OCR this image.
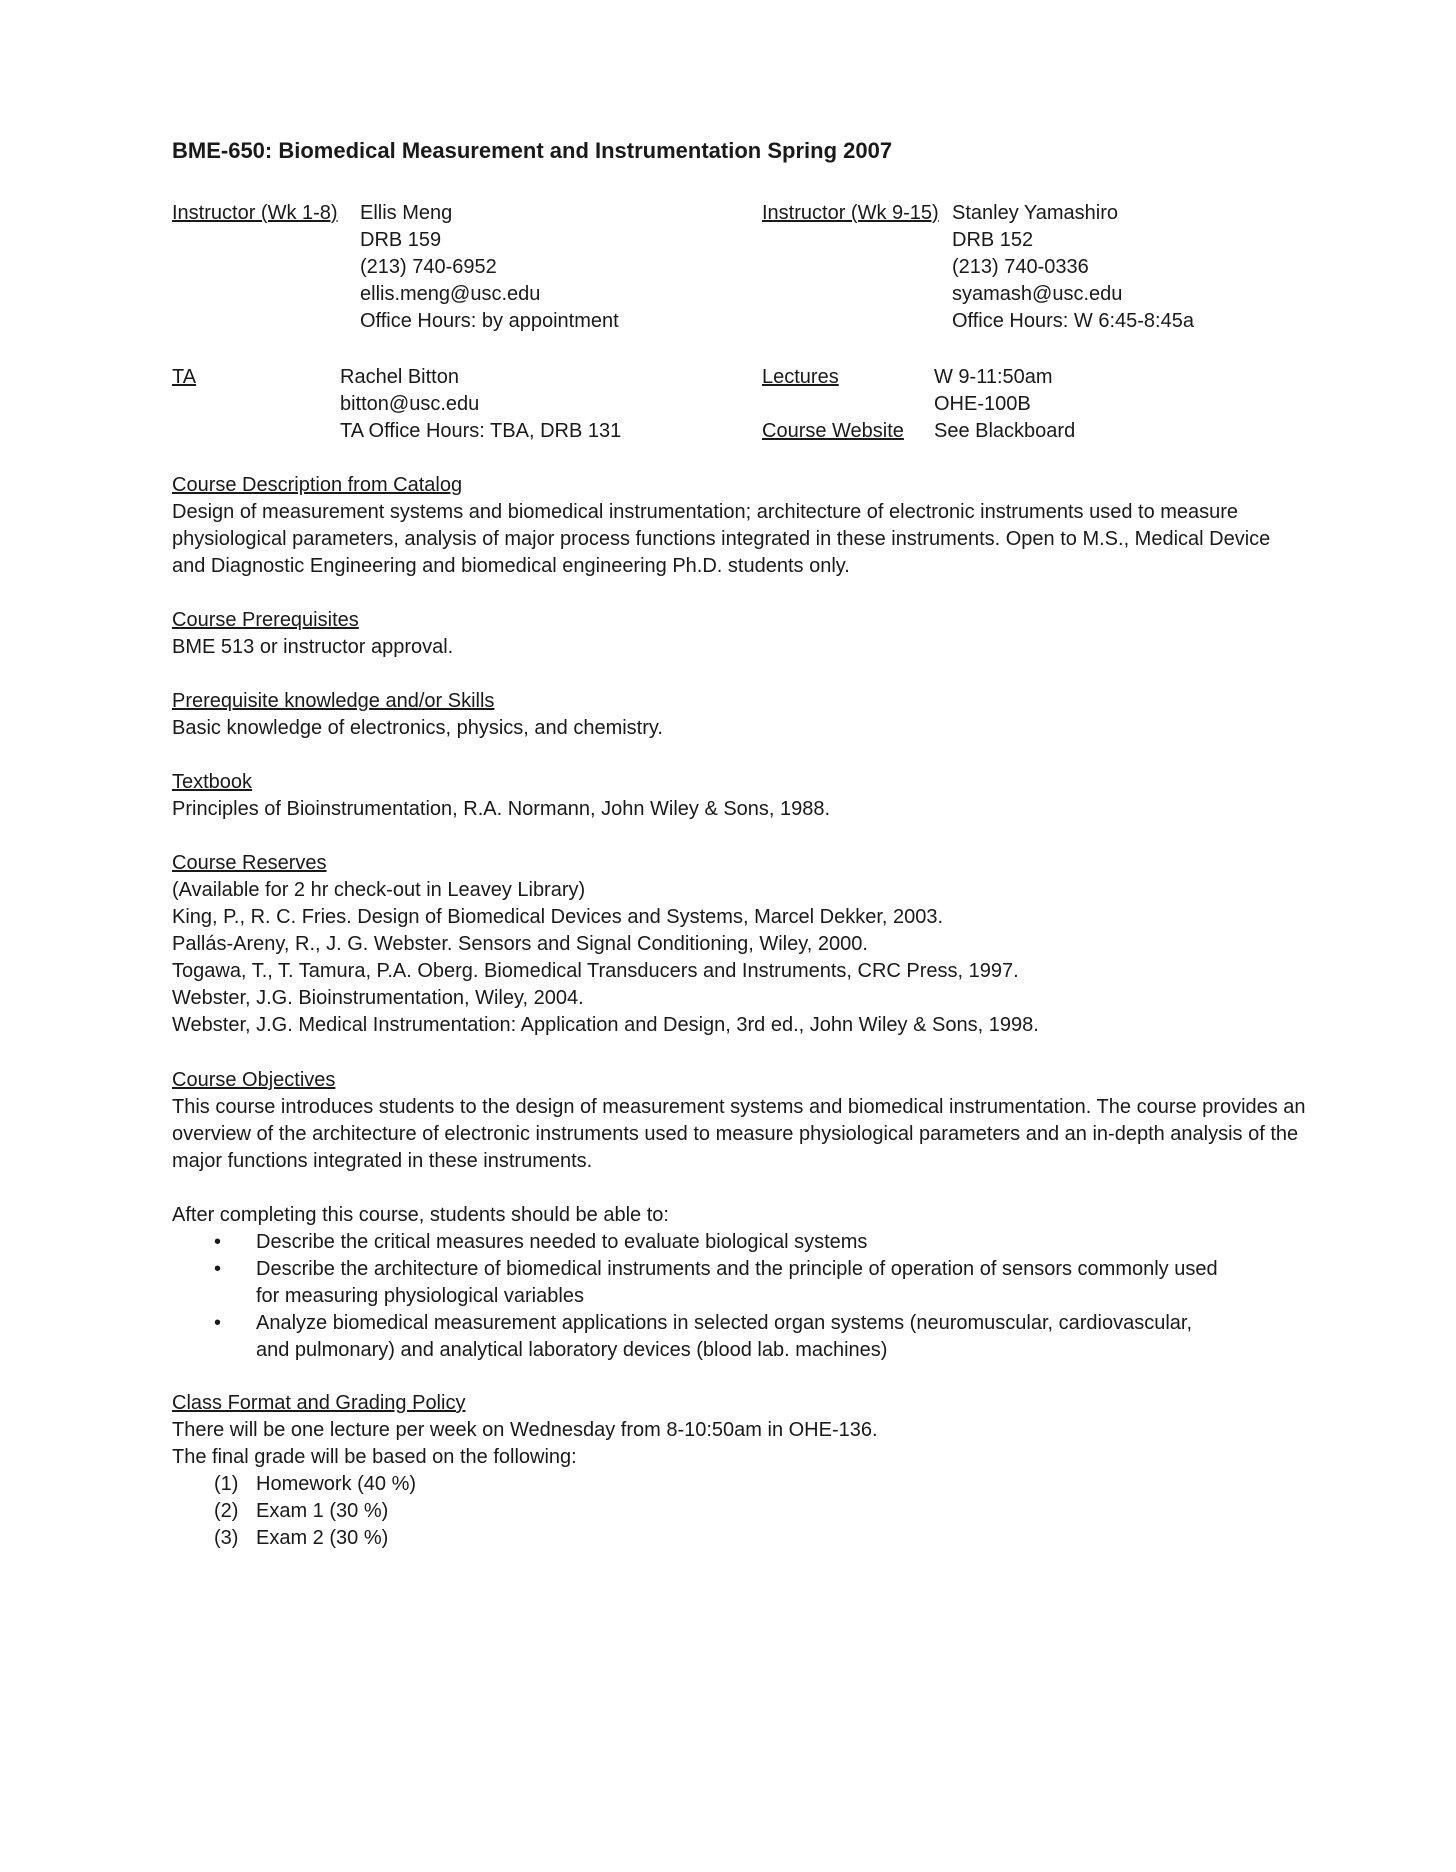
BME-650: Biomedical Measurement and Instrumentation Spring 2007
Instructor (Wk 1-8) Ellis Meng
DRB 159
(213) 740-6952
ellis.meng@usc.edu
Office Hours: by appointment
Instructor (Wk 9-15) Stanley Yamashiro
DRB 152
(213) 740-0336
syamash@usc.edu
Office Hours: W 6:45-8:45a
TA	Rachel Bitton
bitton@usc.edu
TA Office Hours: TBA, DRB 131
Lectures	W 9-11:50am
OHE-100B
Course Website See Blackboard
Course Description from Catalog
Design of measurement systems and biomedical instrumentation; architecture of electronic instruments used to measure
physiological parameters, analysis of major process functions integrated in these instruments. Open to M.S., Medical Device
and Diagnostic Engineering and biomedical engineering Ph.D. students only.
Course Prerequisites
BME 513 or instructor approval.
Prerequisite knowledge and/or Skills
Basic knowledge of electronics, physics, and chemistry.
Textbook
Principles of Bioinstrumentation, R.A. Normann, John Wiley & Sons, 1988.
Course Reserves
(Available for 2 hr check-out in Leavey Library)
King, P., R. C. Fries. Design of Biomedical Devices and Systems, Marcel Dekker, 2003.
Pallás-Areny, R., J. G. Webster. Sensors and Signal Conditioning, Wiley, 2000.
Togawa, T., T. Tamura, P.A. Oberg. Biomedical Transducers and Instruments, CRC Press, 1997.
Webster, J.G. Bioinstrumentation, Wiley, 2004.
Webster, J.G. Medical Instrumentation: Application and Design, 3rd ed., John Wiley & Sons, 1998.
Course Objectives
This course introduces students to the design of measurement systems and biomedical instrumentation. The course provides an
overview of the architecture of electronic instruments used to measure physiological parameters and an in-depth analysis of the
major functions integrated in these instruments.
After completing this course, students should be able to:
• Describe the critical measures needed to evaluate biological systems
• Describe the architecture of biomedical instruments and the principle of operation of sensors commonly used for measuring physiological variables
• Analyze biomedical measurement applications in selected organ systems (neuromuscular, cardiovascular, and pulmonary) and analytical laboratory devices (blood lab. machines)
Class Format and Grading Policy
There will be one lecture per week on Wednesday from 8-10:50am in OHE-136.
The final grade will be based on the following:
(1) Homework (40 %)
(2) Exam 1 (30 %)
(3) Exam 2 (30 %)
